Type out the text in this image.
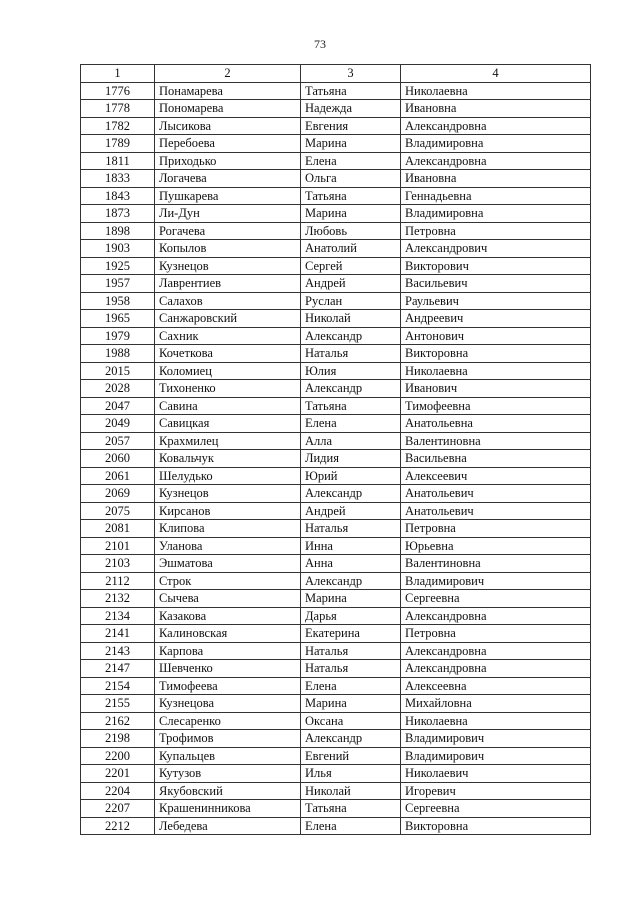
73
1	2	3	4
1776	Понамарева	Татьяна	Николаевна
1778	Пономарева	Надежда	Ивановна
1782	Лысикова	Евгения	Александровна
1789	Перебоева	Марина	Владимировна
1811	Приходько	Елена	Александровна
1833	Логачева	Ольга	Ивановна
1843	Пушкарева	Татьяна	Геннадьевна
1873	Ли-Дун	Марина	Владимировна
1898	Рогачева	Любовь	Петровна
1903	Копылов	Анатолий	Александрович
1925	Кузнецов	Сергей	Викторович
1957	Лаврентиев	Андрей	Васильевич
1958	Салахов	Руслан	Раульевич
1965	Санжаровский	Николай	Андреевич
1979	Сахник	Александр	Антонович
1988	Кочеткова	Наталья	Викторовна
2015	Коломиец	Юлия	Николаевна
2028	Тихоненко	Александр	Иванович
2047	Савина	Татьяна	Тимофеевна
2049	Савицкая	Елена	Анатольевна
2057	Крахмилец	Алла	Валентиновна
2060	Ковальчук	Лидия	Васильевна
2061	Шелудько	Юрий	Алексеевич
2069	Кузнецов	Александр	Анатольевич
2075	Кирсанов	Андрей	Анатольевич
2081	Клипова	Наталья	Петровна
2101	Уланова	Инна	Юрьевна
2103	Эшматова	Анна	Валентиновна
2112	Строк	Александр	Владимирович
2132	Сычева	Марина	Сергеевна
2134	Казакова	Дарья	Александровна
2141	Калиновская	Екатерина	Петровна
2143	Карпова	Наталья	Александровна
2147	Шевченко	Наталья	Александровна
2154	Тимофеева	Елена	Алексеевна
2155	Кузнецова	Марина	Михайловна
2162	Слесаренко	Оксана	Николаевна
2198	Трофимов	Александр	Владимирович
2200	Купальцев	Евгений	Владимирович
2201	Кутузов	Илья	Николаевич
2204	Якубовский	Николай	Игоревич
2207	Крашенинникова	Татьяна	Сергеевна
2212	Лебедева	Елена	Викторовна
